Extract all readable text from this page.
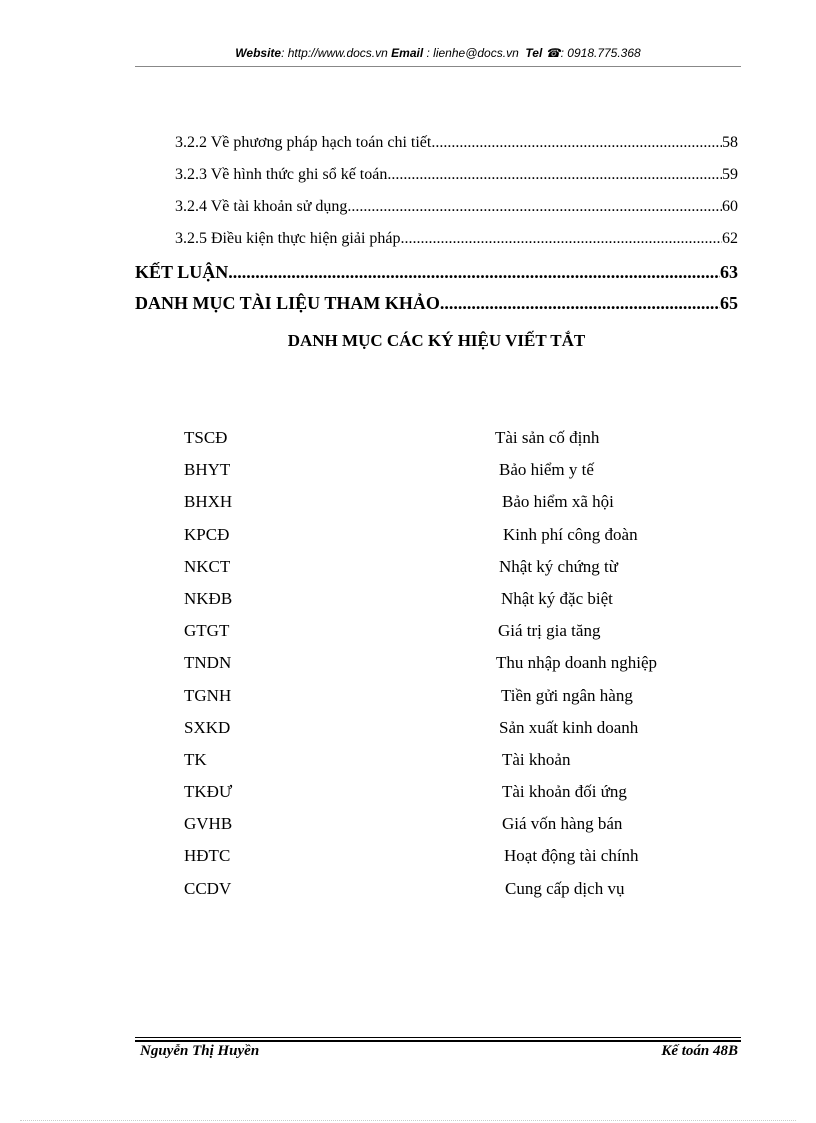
Website: http://www.docs.vn Email : lienhe@docs.vn Tel ☎: 0918.775.368
3.2.2 Về phương pháp hạch toán chi tiết .....	58
3.2.3 Về hình thức ghi sổ kế toán .....	59
3.2.4 Về tài khoản sử dụng .....	60
3.2.5 Điều kiện thực hiện giải pháp .....	62
KẾT LUẬN .....	63
DANH MỤC TÀI LIỆU THAM KHẢO .....	65
DANH MỤC CÁC KÝ HIỆU VIẾT TẮT
TSCĐ	Tài sản cố định
BHYT	Bảo hiểm y tế
BHXH	Bảo hiểm xã hội
KPCĐ	Kinh phí công đoàn
NKCT	Nhật ký chứng từ
NKĐB	Nhật ký đặc biệt
GTGT	Giá trị gia tăng
TNDN	Thu nhập doanh nghiệp
TGNH	Tiền gửi ngân hàng
SXKD	Sản xuất kinh doanh
TK	Tài khoản
TKĐƯ	Tài khoản đối ứng
GVHB	Giá vốn hàng bán
HĐTC	Hoạt động tài chính
CCDV	Cung cấp dịch vụ
Nguyễn Thị Huyền	Kế toán 48B
